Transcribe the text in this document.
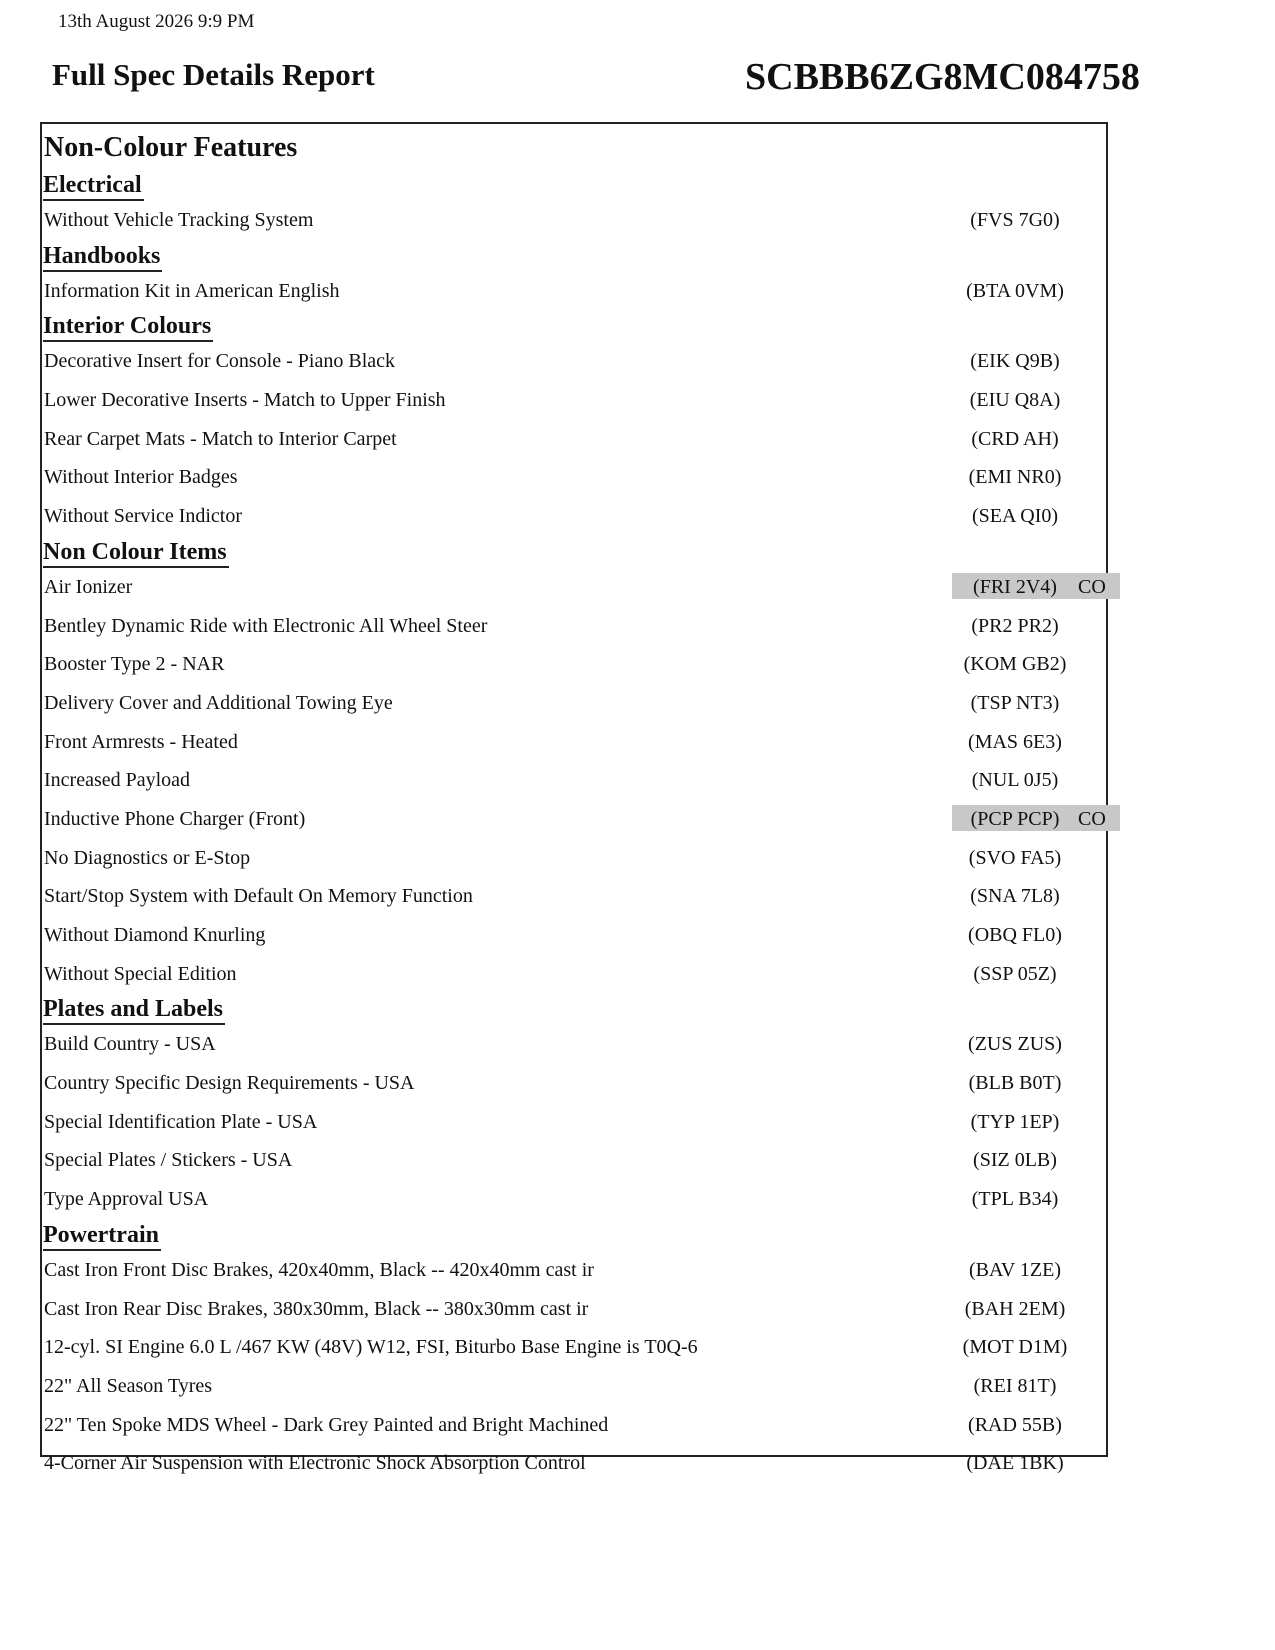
13th August 2026 9:9 PM
Full Spec Details Report	SCBBB6ZG8MC084758
Non-Colour Features
Electrical
Without Vehicle Tracking System	(FVS 7G0)
Handbooks
Information Kit in American English	(BTA 0VM)
Interior Colours
Decorative Insert for Console - Piano Black	(EIK Q9B)
Lower Decorative Inserts - Match to Upper Finish	(EIU Q8A)
Rear Carpet Mats - Match to Interior Carpet	(CRD AH)
Without Interior Badges	(EMI NR0)
Without Service Indictor	(SEA QI0)
Non Colour Items
Air Ionizer	(FRI 2V4)	CO
Bentley Dynamic Ride with Electronic All Wheel Steer	(PR2 PR2)
Booster Type 2 - NAR	(KOM GB2)
Delivery Cover and Additional Towing Eye	(TSP NT3)
Front Armrests - Heated	(MAS 6E3)
Increased Payload	(NUL 0J5)
Inductive Phone Charger (Front)	(PCP PCP) CO
No Diagnostics or E-Stop	(SVO FA5)
Start/Stop System with Default On Memory Function	(SNA 7L8)
Without Diamond Knurling	(OBQ FL0)
Without Special Edition	(SSP 05Z)
Plates and Labels
Build Country - USA	(ZUS ZUS)
Country Specific Design Requirements - USA	(BLB B0T)
Special Identification Plate - USA	(TYP 1EP)
Special Plates / Stickers - USA	(SIZ 0LB)
Type Approval USA	(TPL B34)
Powertrain
Cast Iron Front Disc Brakes, 420x40mm, Black -- 420x40mm cast ir	(BAV 1ZE)
Cast Iron Rear Disc Brakes, 380x30mm, Black -- 380x30mm cast ir	(BAH 2EM)
12-cyl. SI Engine 6.0 L /467 KW (48V) W12, FSI, Biturbo Base Engine is T0Q-6	(MOT D1M)
22" All Season Tyres	(REI 81T)
22" Ten Spoke MDS Wheel - Dark Grey Painted and Bright Machined	(RAD 55B)
4-Corner Air Suspension with Electronic Shock Absorption Control	(DAE 1BK)
